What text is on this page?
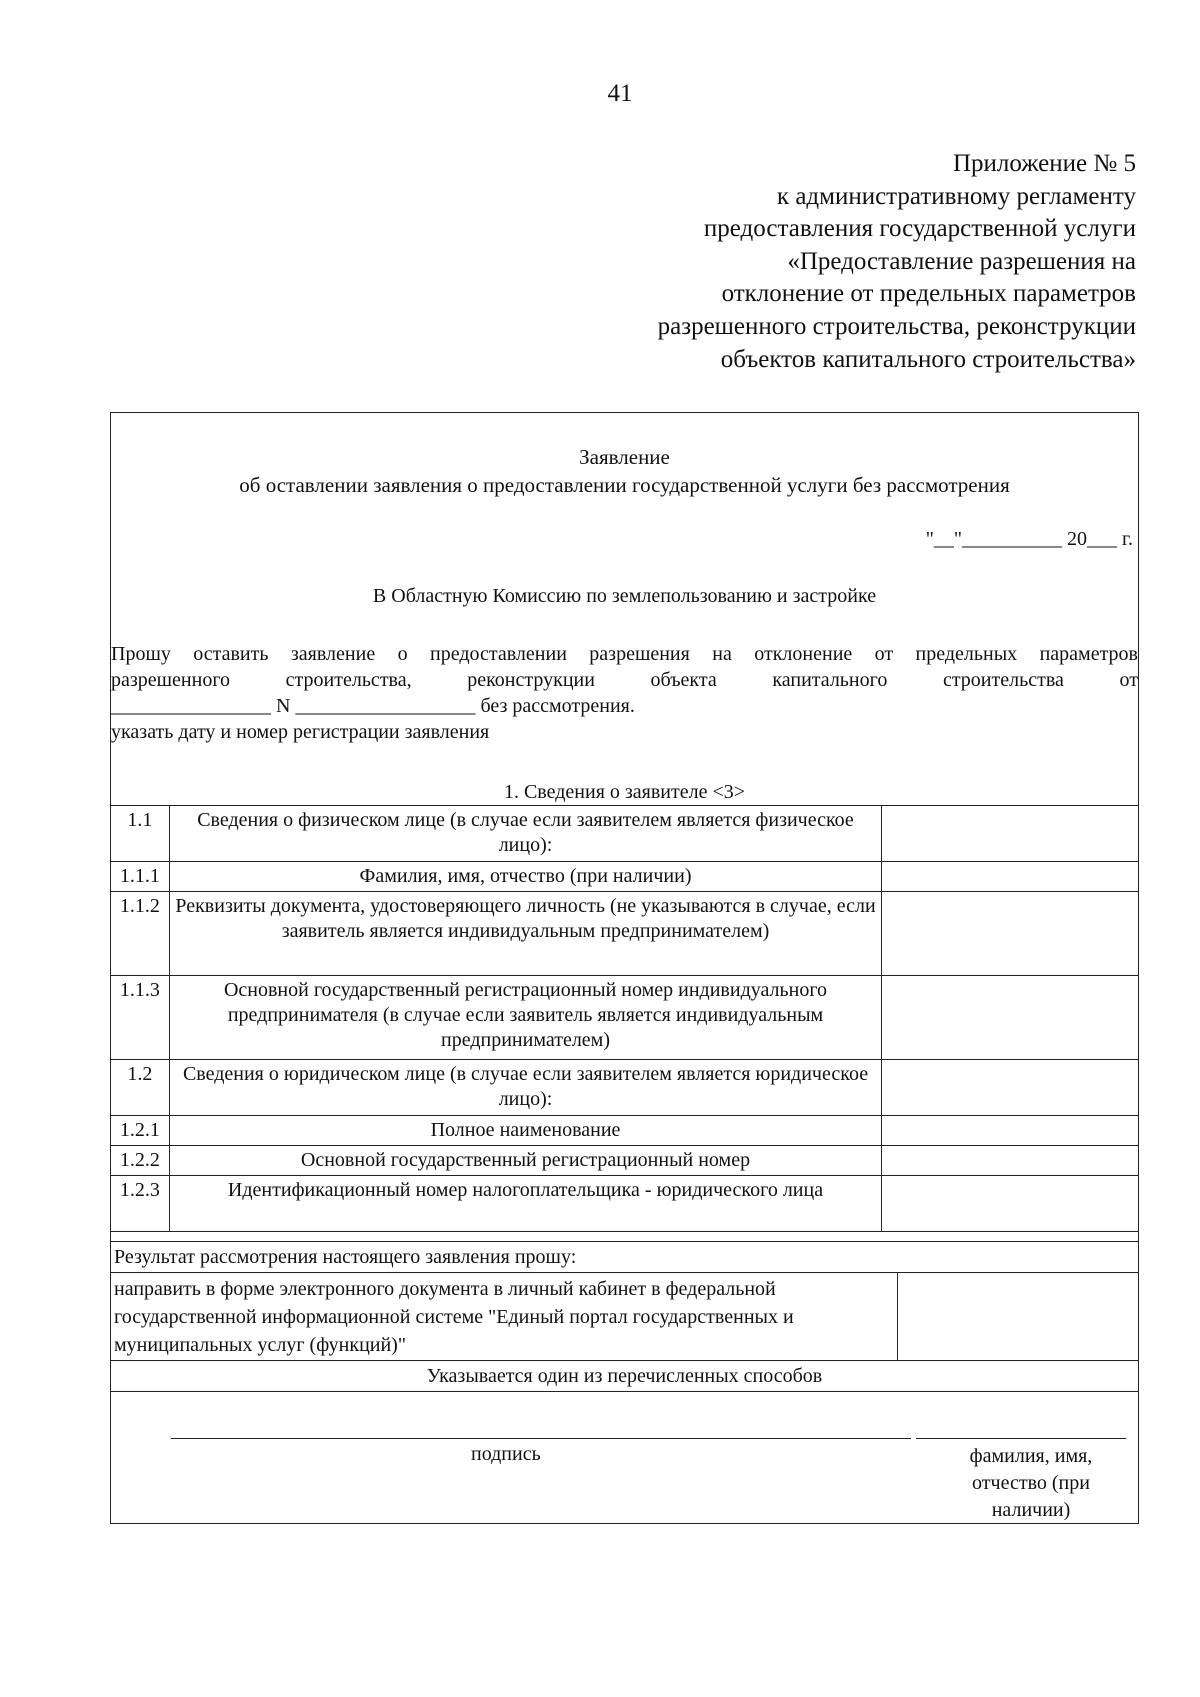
41
Приложение № 5
к административному регламенту
предоставления государственной услуги
«Предоставление разрешения на
отклонение от предельных параметров
разрешенного строительства, реконструкции
объектов капитального строительства»
Заявление
об оставлении заявления о предоставлении государственной услуги без рассмотрения
"__"__________ 20___ г.
В Областную Комиссию по землепользованию и застройке
Прошу оставить заявление о предоставлении разрешения на отклонение от предельных параметров
разрешенного строительства, реконструкции объекта капитального строительства от
________________ N __________________ без рассмотрения.
указать дату и номер регистрации заявления
1. Сведения о заявителе <3>
1.1	Сведения о физическом лице (в случае если заявителем является физическое лицо):	
1.1.1	Фамилия, имя, отчество (при наличии)	
1.1.2	Реквизиты документа, удостоверяющего личность (не указываются в случае, если заявитель является индивидуальным предпринимателем)	
1.1.3	Основной государственный регистрационный номер индивидуального предпринимателя (в случае если заявитель является индивидуальным предпринимателем)	
1.2	Сведения о юридическом лице (в случае если заявителем является юридическое лицо):	
1.2.1	Полное наименование	
1.2.2	Основной государственный регистрационный номер	
1.2.3	Идентификационный номер налогоплательщика - юридического лица	
Результат рассмотрения настоящего заявления прошу:
направить в форме электронного документа в личный кабинет в федеральной государственной информационной системе "Единый портал государственных и муниципальных услуг (функций)"	
Указывается один из перечисленных способов
подпись	фамилия, имя, отчество (при наличии)
